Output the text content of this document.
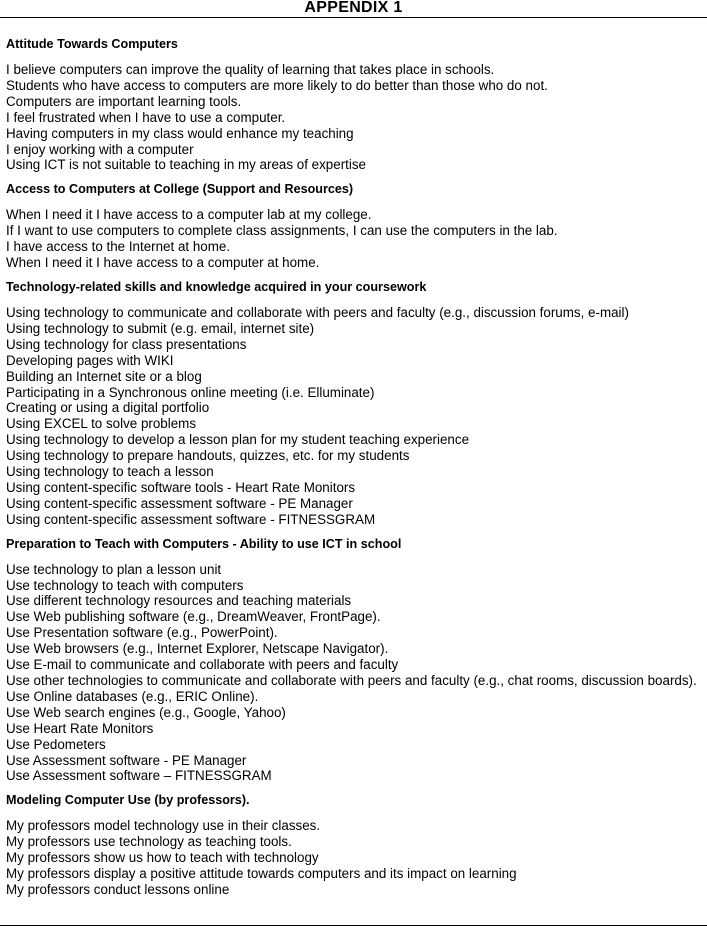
APPENDIX 1
Attitude Towards Computers
I believe computers can improve the quality of learning that takes place in schools.
Students who have access to computers are more likely to do better than those who do not.
Computers are important learning tools.
I feel frustrated when I have to use a computer.
Having computers in my class would enhance my teaching
I enjoy working with a computer
Using ICT is not suitable to teaching in my areas of expertise
Access to Computers at College (Support and Resources)
When I need it I have access to a computer lab at my college.
If I want to use computers to complete class assignments, I can use the computers in the lab.
I have access to the Internet at home.
When I need it I have access to a computer at home.
Technology-related skills and knowledge acquired in your coursework
Using technology to communicate and collaborate with peers and faculty (e.g., discussion forums, e-mail)
Using technology to submit (e.g. email, internet site)
Using technology for class presentations
Developing pages with WIKI
Building an Internet site or a blog
Participating in a Synchronous online meeting (i.e. Elluminate)
Creating or using a digital portfolio
Using EXCEL to solve problems
Using technology to develop a lesson plan for my student teaching experience
Using technology to prepare handouts, quizzes, etc. for my students
Using technology to teach a lesson
Using content-specific software tools - Heart Rate Monitors
Using content-specific assessment software - PE Manager
Using content-specific assessment software - FITNESSGRAM
Preparation to Teach with Computers - Ability to use ICT in school
Use technology to plan a lesson unit
Use technology to teach with computers
Use different technology resources and teaching materials
Use Web publishing software (e.g., DreamWeaver, FrontPage).
Use Presentation software (e.g., PowerPoint).
Use Web browsers (e.g., Internet Explorer, Netscape Navigator).
Use E-mail to communicate and collaborate with peers and faculty
Use other technologies to communicate and collaborate with peers and faculty (e.g., chat rooms, discussion boards).
Use Online databases (e.g., ERIC Online).
Use Web search engines (e.g., Google, Yahoo)
Use Heart Rate Monitors
Use Pedometers
Use Assessment software - PE Manager
Use Assessment software – FITNESSGRAM
Modeling Computer Use (by professors).
My professors model technology use in their classes.
My professors use technology as teaching tools.
My professors show us how to teach with technology
My professors display a positive attitude towards computers and its impact on learning
My professors conduct lessons online
